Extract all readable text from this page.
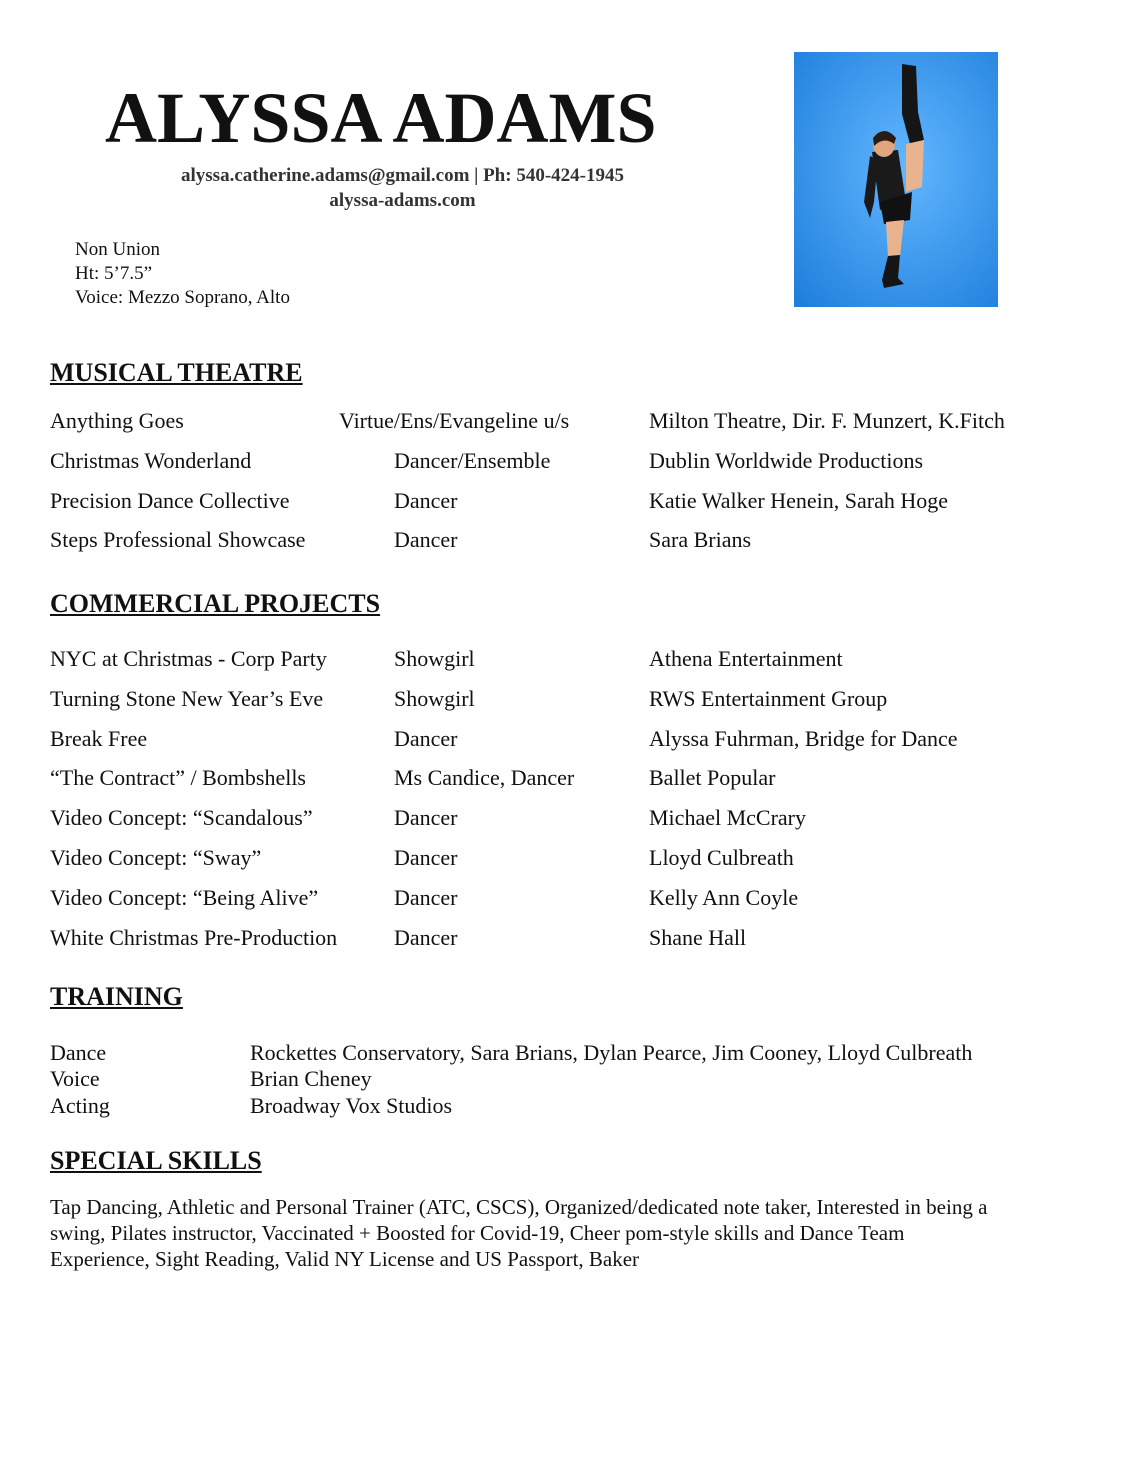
ALYSSA ADAMS
alyssa.catherine.adams@gmail.com | Ph: 540-424-1945
alyssa-adams.com
Non Union
Ht: 5’7.5”
Voice: Mezzo Soprano, Alto
MUSICAL THEATRE
Anything Goes	Virtue/Ens/Evangeline u/s	Milton Theatre, Dir. F. Munzert, K.Fitch
Christmas Wonderland	Dancer/Ensemble	Dublin Worldwide Productions
Precision Dance Collective	Dancer	Katie Walker Henein, Sarah Hoge
Steps Professional Showcase	Dancer	Sara Brians
COMMERCIAL PROJECTS
NYC at Christmas - Corp Party	Showgirl	Athena Entertainment
Turning Stone New Year’s Eve	Showgirl	RWS Entertainment Group
Break Free	Dancer	Alyssa Fuhrman, Bridge for Dance
“The Contract” / Bombshells	Ms Candice, Dancer	Ballet Popular
Video Concept: “Scandalous”	Dancer	Michael McCrary
Video Concept: “Sway”	Dancer	Lloyd Culbreath
Video Concept: “Being Alive”	Dancer	Kelly Ann Coyle
White Christmas Pre-Production	Dancer	Shane Hall
TRAINING
Dance	Rockettes Conservatory, Sara Brians, Dylan Pearce, Jim Cooney, Lloyd Culbreath
Voice	Brian Cheney
Acting	Broadway Vox Studios
SPECIAL SKILLS

Tap Dancing, Athletic and Personal Trainer (ATC, CSCS), Organized/dedicated note taker, Interested in being a swing, Pilates instructor, Vaccinated + Boosted for Covid-19, Cheer pom-style skills and Dance Team Experience, Sight Reading, Valid NY License and US Passport, Baker
